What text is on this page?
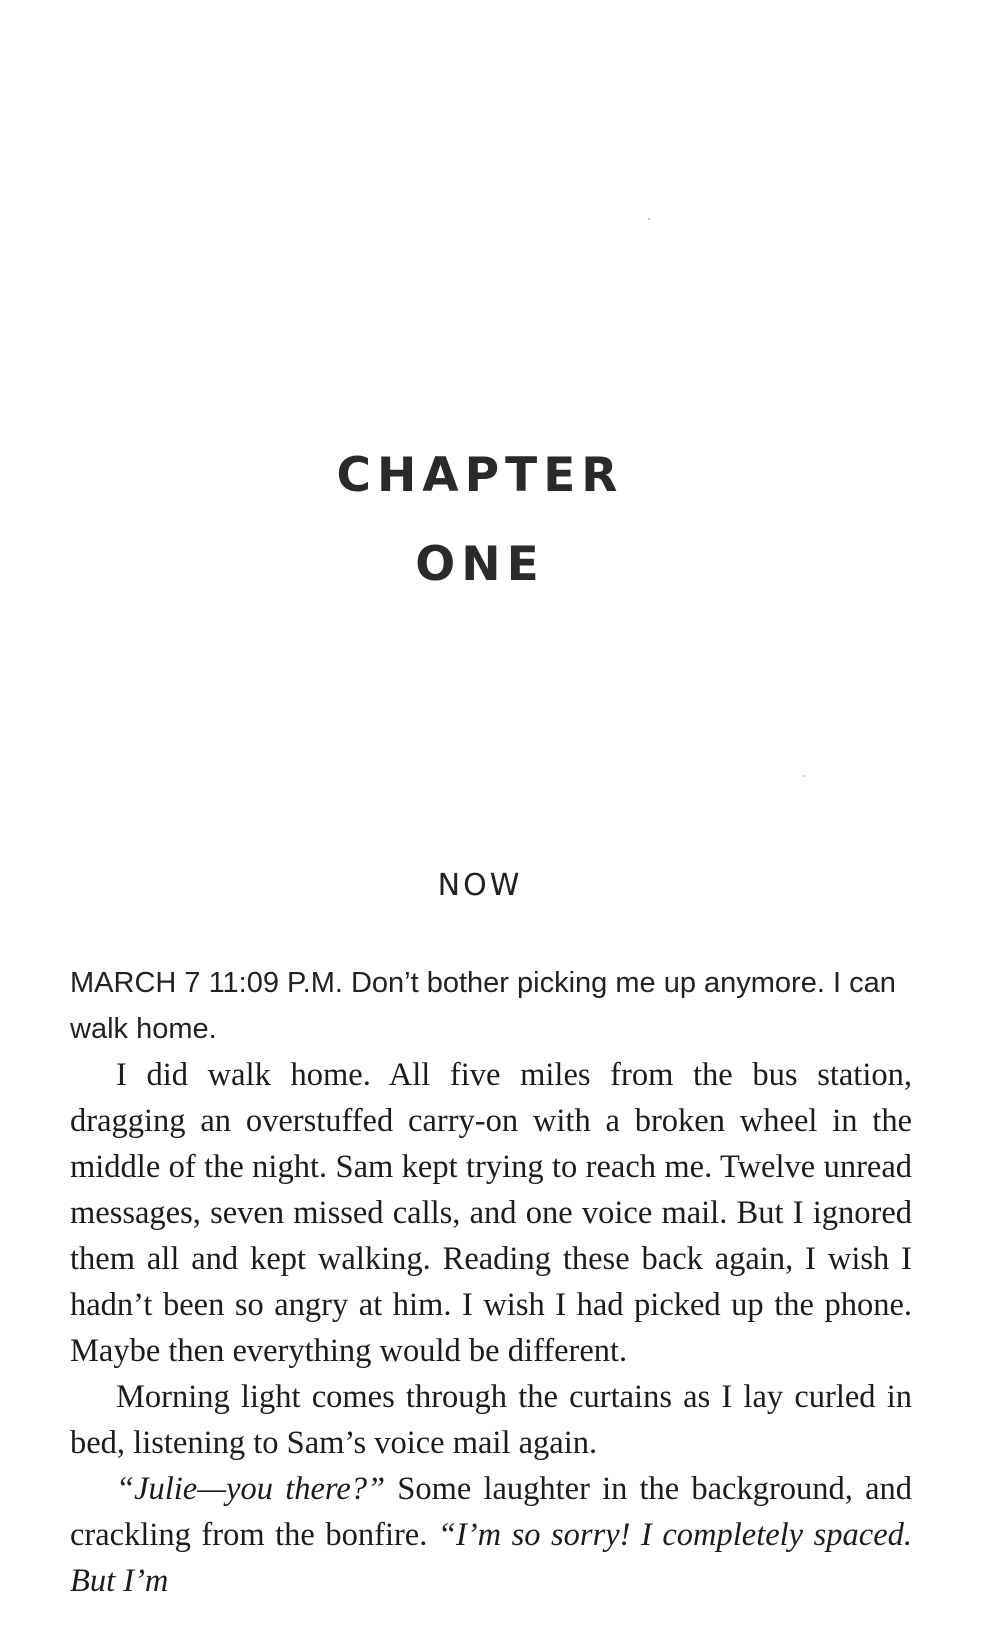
CHAPTER
ONE
NOW
MARCH 7 11:09 P.M. Don’t bother picking me up anymore. I can walk home.

I did walk home. All five miles from the bus station, dragging an overstuffed carry-on with a broken wheel in the middle of the night. Sam kept trying to reach me. Twelve unread messages, seven missed calls, and one voice mail. But I ignored them all and kept walking. Reading these back again, I wish I hadn’t been so angry at him. I wish I had picked up the phone. Maybe then everything would be different.

Morning light comes through the curtains as I lay curled in bed, listening to Sam’s voice mail again.

“Julie—you there?” Some laughter in the background, and crackling from the bonfire. “I’m so sorry! I completely spaced. But I’m
